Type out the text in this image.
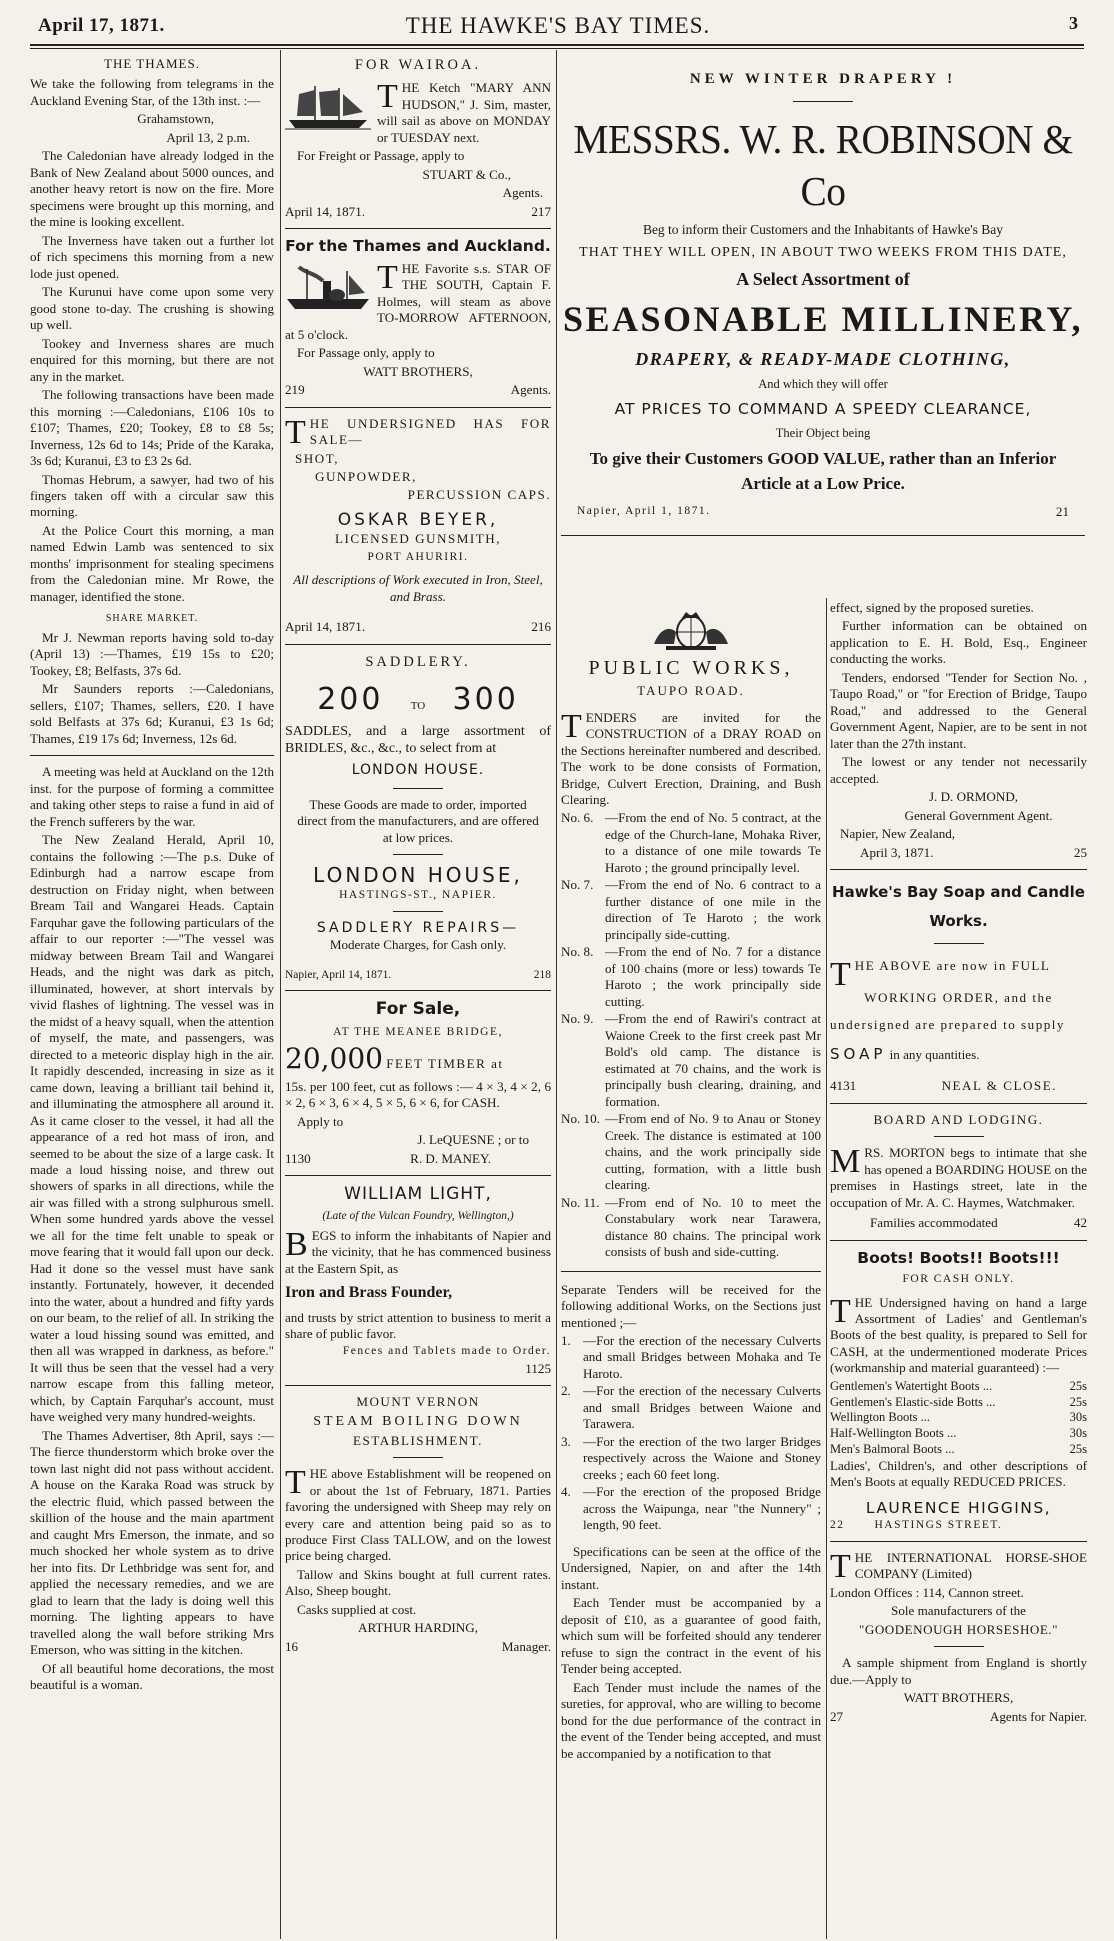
April 17, 1871.	THE HAWKE'S BAY TIMES.	3
THE THAMES.

We take the following from telegrams in the Auckland Evening Star, of the 13th inst. :—

Grahamstown,

April 13, 2 p.m.

The Caledonian have already lodged in the Bank of New Zealand about 5000 ounces, and another heavy retort is now on the fire. More specimens were brought up this morning, and the mine is looking excellent.

The Inverness have taken out a further lot of rich specimens this morning from a new lode just opened.

The Kurunui have come upon some very good stone to-day. The crushing is showing up well.

Tookey and Inverness shares are much enquired for this morning, but there are not any in the market.

The following transactions have been made this morning :—Caledonians, £106 10s to £107; Thames, £20; Tookey, £8 to £8 5s; Inverness, 12s 6d to 14s; Pride of the Karaka, 3s 6d; Kuranui, £3 to £3 2s 6d.

Thomas Hebrum, a sawyer, had two of his fingers taken off with a circular saw this morning.

At the Police Court this morning, a man named Edwin Lamb was sentenced to six months' imprisonment for stealing specimens from the Caledonian mine. Mr Rowe, the manager, identified the stone.

SHARE MARKET.

Mr J. Newman reports having sold to-day (April 13) :—Thames, £19 15s to £20; Tookey, £8; Belfasts, 37s 6d.

Mr Saunders reports :—Caledonians, sellers, £107; Thames, sellers, £20. I have sold Belfasts at 37s 6d; Kuranui, £3 1s 6d; Thames, £19 17s 6d; Inverness, 12s 6d.

A meeting was held at Auckland on the 12th inst. for the purpose of forming a committee and taking other steps to raise a fund in aid of the French sufferers by the war.

The New Zealand Herald, April 10, contains the following :—The p.s. Duke of Edinburgh had a narrow escape from destruction on Friday night, when between Bream Tail and Wangarei Heads. Captain Farquhar gave the following particulars of the affair to our reporter :—"The vessel was midway between Bream Tail and Wangarei Heads, and the night was dark as pitch, illuminated, however, at short intervals by vivid flashes of lightning. The vessel was in the midst of a heavy squall, when the attention of myself, the mate, and passengers, was directed to a meteoric display high in the air. It rapidly descended, increasing in size as it came down, leaving a brilliant tail behind it, and illuminating the atmosphere all around it. As it came closer to the vessel, it had all the appearance of a red hot mass of iron, and seemed to be about the size of a large cask. It made a loud hissing noise, and threw out showers of sparks in all directions, while the air was filled with a strong sulphurous smell. When some hundred yards above the vessel we all for the time felt unable to speak or move fearing that it would fall upon our deck. Had it done so the vessel must have sank instantly. Fortunately, however, it decended into the water, about a hundred and fifty yards on our beam, to the relief of all. In striking the water a loud hissing sound was emitted, and then all was wrapped in darkness, as before." It will thus be seen that the vessel had a very narrow escape from this falling meteor, which, by Captain Farquhar's account, must have weighed very many hundred-weights.

The Thames Advertiser, 8th April, says :—The fierce thunderstorm which broke over the town last night did not pass without accident. A house on the Karaka Road was struck by the electric fluid, which passed between the skillion of the house and the main apartment and caught Mrs Emerson, the inmate, and so much shocked her whole system as to drive her into fits. Dr Lethbridge was sent for, and applied the necessary remedies, and we are glad to learn that the lady is doing well this morning. The lighting appears to have travelled along the wall before striking Mrs Emerson, who was sitting in the kitchen.

Of all beautiful home decorations, the most beautiful is a woman.

FOR WAIROA.

THE Ketch "MARY ANN HUDSON," J. Sim, master, will sail as above on MONDAY or TUESDAY next.

For Freight or Passage, apply to

STUART & Co.,

Agents.

April 14, 1871.	217
For the Thames and Auckland.

THE Favorite s.s. STAR OF THE SOUTH, Captain F. Holmes, will steam as above TO-MORROW AFTERNOON, at 5 o'clock.

For Passage only, apply to

WATT BROTHERS,

219	Agents.

THE UNDERSIGNED HAS FOR SALE—

SHOT,

GUNPOWDER,

PERCUSSION CAPS.

OSKAR BEYER,

LICENSED GUNSMITH,

PORT AHURIRI.

All descriptions of Work executed in Iron, Steel, and Brass.

April 14, 1871.	216
SADDLERY.
200 TO 300

SADDLES, and a large assortment of BRIDLES, &c., &c., to select from at

LONDON HOUSE.

These Goods are made to order, imported direct from the manufacturers, and are offered at low prices.

LONDON HOUSE,

HASTINGS-ST., NAPIER.

SADDLERY REPAIRS—

Moderate Charges, for Cash only.

Napier, April 14, 1871.	218
For Sale,

AT THE MEANEE BRIDGE,

20,000 FEET TIMBER at

15s. per 100 feet, cut as follows :— 4 × 3, 4 × 2, 6 × 2, 6 × 3, 6 × 4, 5 × 5, 6 × 6, for CASH.

Apply to

J. LeQUESNE ; or to

1130	R. D. MANEY.
WILLIAM LIGHT,

(Late of the Vulcan Foundry, Wellington,)

BEGS to inform the inhabitants of Napier and the vicinity, that he has commenced business at the Eastern Spit, as

Iron and Brass Founder,

and trusts by strict attention to business to merit a share of public favor.

Fences and Tablets made to Order.

1125

MOUNT VERNON

STEAM BOILING DOWN

ESTABLISHMENT.

THE above Establishment will be reopened on or about the 1st of February, 1871. Parties favoring the undersigned with Sheep may rely on every care and attention being paid so as to produce First Class TALLOW, and on the lowest price being charged.

Tallow and Skins bought at full current rates. Also, Sheep bought.

Casks supplied at cost.

ARTHUR HARDING,

16	Manager.
NEW WINTER DRAPERY !
MESSRS. W. R. ROBINSON & Co
Beg to inform their Customers and the Inhabitants of Hawke's Bay
THAT THEY WILL OPEN, IN ABOUT TWO WEEKS FROM THIS DATE,
A Select Assortment of
SEASONABLE MILLINERY,
DRAPERY, & READY-MADE CLOTHING,
And which they will offer
AT PRICES TO COMMAND A SPEEDY CLEARANCE,
Their Object being
To give their Customers GOOD VALUE, rather than an Inferior
Article at a Low Price.
Napier, April 1, 1871.	21
PUBLIC WORKS,
TAUPO ROAD.

TENDERS are invited for the CONSTRUCTION of a DRAY ROAD on the Sections hereinafter numbered and described. The work to be done consists of Formation, Bridge, Culvert Erection, Draining, and Bush Clearing.

No. 6. —From the end of No. 5 contract, at the edge of the Church-lane, Mohaka River, to a distance of one mile towards Te Haroto ; the ground principally level.
No. 7. —From the end of No. 6 contract to a further distance of one mile in the direction of Te Haroto ; the work principally side-cutting.
No. 8. —From the end of No. 7 for a distance of 100 chains (more or less) towards Te Haroto ; the work principally side cutting.
No. 9. —From the end of Rawiri's contract at Waione Creek to the first creek past Mr Bold's old camp. The distance is estimated at 70 chains, and the work is principally bush clearing, draining, and formation.
No. 10. —From end of No. 9 to Anau or Stoney Creek. The distance is estimated at 100 chains, and the work principally side cutting, formation, with a little bush clearing.
No. 11. —From end of No. 10 to meet the Constabulary work near Tarawera, distance 80 chains. The principal work consists of bush and side-cutting.

Separate Tenders will be received for the following additional Works, on the Sections just mentioned ;—

1. —For the erection of the necessary Culverts and small Bridges between Mohaka and Te Haroto.
2. —For the erection of the necessary Culverts and small Bridges between Waione and Tarawera.
3. —For the erection of the two larger Bridges respectively across the Waione and Stoney creeks ; each 60 feet long.
4. —For the erection of the proposed Bridge across the Waipunga, near "the Nunnery" ; length, 90 feet.

Specifications can be seen at the office of the Undersigned, Napier, on and after the 14th instant.

Each Tender must be accompanied by a deposit of £10, as a guarantee of good faith, which sum will be forfeited should any tenderer refuse to sign the contract in the event of his Tender being accepted.

Each Tender must include the names of the sureties, for approval, who are willing to become bond for the due performance of the contract in the event of the Tender being accepted, and must be accompanied by a notification to that

effect, signed by the proposed sureties.

Further information can be obtained on application to E. H. Bold, Esq., Engineer conducting the works.

Tenders, endorsed "Tender for Section No. , Taupo Road," or "for Erection of Bridge, Taupo Road," and addressed to the General Government Agent, Napier, are to be sent in not later than the 27th instant.

The lowest or any tender not necessarily accepted.

J. D. ORMOND,

General Government Agent.

Napier, New Zealand,

April 3, 1871.	25
Hawke's Bay Soap and Candle Works.

THE ABOVE are now in FULL

WORKING ORDER, and the

undersigned are prepared to supply

SOAP in any quantities.

4131	NEAL & CLOSE.

BOARD AND LODGING.

MRS. MORTON begs to intimate that she has opened a BOARDING HOUSE on the premises in Hastings street, late in the occupation of Mr. A. C. Haymes, Watchmaker.

Families accommodated	42
Boots! Boots!! Boots!!!

FOR CASH ONLY.

THE Undersigned having on hand a large Assortment of Ladies' and Gentleman's Boots of the best quality, is prepared to Sell for CASH, at the undermentioned moderate Prices (workmanship and material guaranteed) :—

Gentlemen's Watertight Boots ...	25s
Gentlemen's Elastic-side Botts ...	25s
Wellington Boots ...	30s
Half-Wellington Boots ...	30s
Men's Balmoral Boots ...	25s

Ladies', Children's, and other descriptions of Men's Boots at equally REDUCED PRICES.

LAURENCE HIGGINS,

22	HASTINGS STREET.

THE INTERNATIONAL HORSE-SHOE COMPANY (Limited)

London Offices : 114, Cannon street.

Sole manufacturers of the

"GOODENOUGH HORSESHOE."

A sample shipment from England is shortly due.—Apply to

WATT BROTHERS,

27	Agents for Napier.
